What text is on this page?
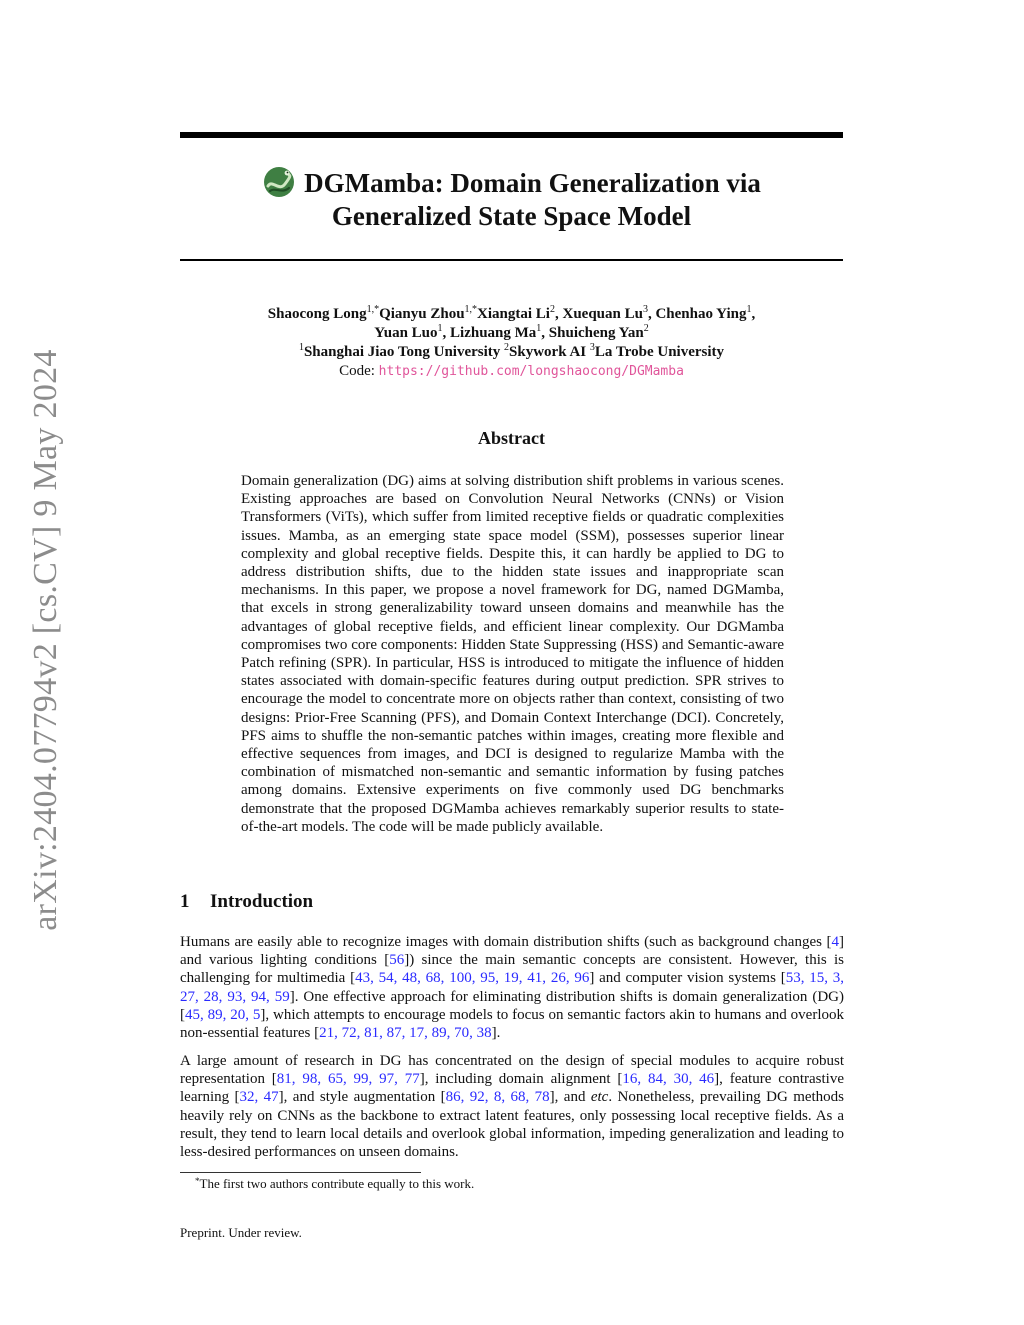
arXiv:2404.07794v2 [cs.CV] 9 May 2024
DGMamba: Domain Generalization via
Generalized State Space Model
Shaocong Long$^{1,*}$Qianyu Zhou$^{1,*}$Xiangtai Li$^2$, Xuequan Lu$^3$, Chenhao Ying$^1$,
Yuan Luo$^1$, Lizhuang Ma$^1$, Shuicheng Yan$^2$
$^1$Shanghai Jiao Tong University $^2$Skywork AI $^3$La Trobe University
Code: https://github.com/longshaocong/DGMamba
Abstract
Domain generalization (DG) aims at solving distribution shift problems in various scenes. Existing approaches are based on Convolution Neural Networks (CNNs) or Vision Transformers (ViTs), which suffer from limited receptive fields or quadratic complexities issues. Mamba, as an emerging state space model (SSM), possesses superior linear complexity and global receptive fields. Despite this, it can hardly be applied to DG to address distribution shifts, due to the hidden state issues and inappropriate scan mechanisms. In this paper, we propose a novel framework for DG, named DGMamba, that excels in strong generalizability toward unseen domains and meanwhile has the advantages of global receptive fields, and efficient linear complexity. Our DGMamba compromises two core components: Hidden State Suppressing (HSS) and Semantic-aware Patch refining (SPR). In particular, HSS is introduced to mitigate the influence of hidden states associated with domain-specific features during output prediction. SPR strives to encourage the model to concentrate more on objects rather than context, consisting of two designs: Prior-Free Scanning (PFS), and Domain Context Interchange (DCI). Concretely, PFS aims to shuffle the non-semantic patches within images, creating more flexible and effective sequences from images, and DCI is designed to regularize Mamba with the combination of mismatched non-semantic and semantic information by fusing patches among domains. Extensive experiments on five commonly used DG benchmarks demonstrate that the proposed DGMamba achieves remarkably superior results to state-of-the-art models. The code will be made publicly available.
1 Introduction
Humans are easily able to recognize images with domain distribution shifts (such as background changes [4] and various lighting conditions [56]) since the main semantic concepts are consistent. However, this is challenging for multimedia [43, 54, 48, 68, 100, 95, 19, 41, 26, 96] and computer vision systems [53, 15, 3, 27, 28, 93, 94, 59]. One effective approach for eliminating distribution shifts is domain generalization (DG) [45, 89, 20, 5], which attempts to encourage models to focus on semantic factors akin to humans and overlook non-essential features [21, 72, 81, 87, 17, 89, 70, 38].
A large amount of research in DG has concentrated on the design of special modules to acquire robust representation [81, 98, 65, 99, 97, 77], including domain alignment [16, 84, 30, 46], feature contrastive learning [32, 47], and style augmentation [86, 92, 8, 68, 78], and etc. Nonetheless, prevailing DG methods heavily rely on CNNs as the backbone to extract latent features, only possessing local receptive fields. As a result, they tend to learn local details and overlook global information, impeding generalization and leading to less-desired performances on unseen domains.
*The first two authors contribute equally to this work.
Preprint. Under review.
